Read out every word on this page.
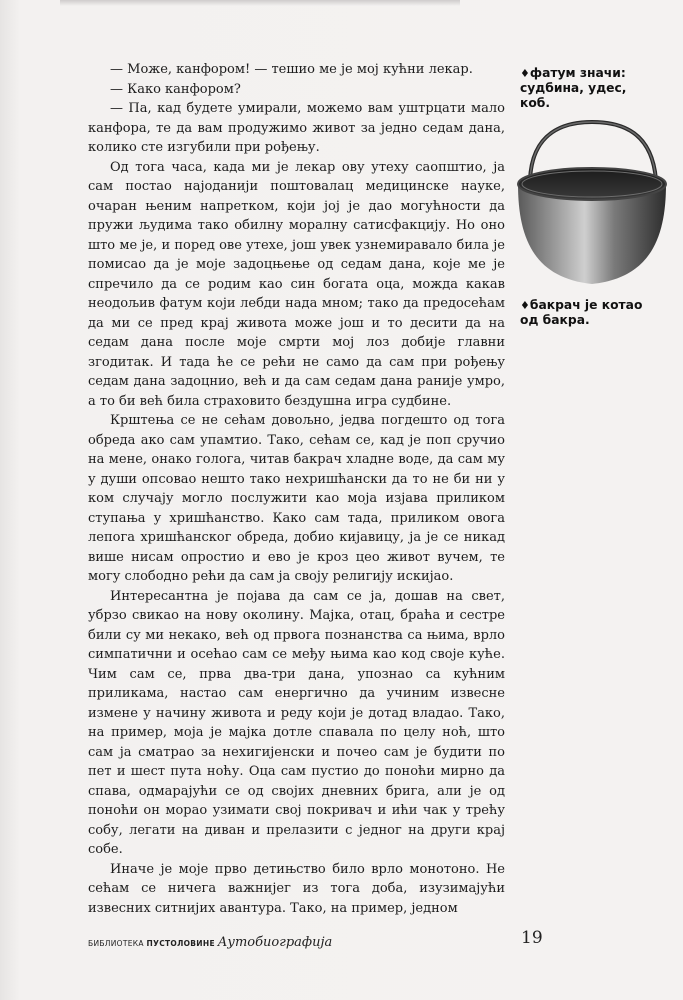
— Може, канфором! — тешио ме је мој кућни лекар.

— Како канфором?

— Па, кад будете умирали, можемо вам уштрцати мало канфора, те да вам продужимо живот за једно седам дана, колико сте изгубили при рођењу.

Од тога часа, када ми је лекар ову утеху саопштио, ја сам постао најоданији поштовалац медицинске науке, очаран њеним напретком, који јој је дао могућности да пружи људима тако обилну моралну сатисфакцију. Но оно што ме је, и поред ове утехе, још увек узнемиравало била је помисао да је моје задоцњење од седам дана, које ме је спречило да се родим као син богата оца, можда какав неодољив фатум који лебди нада мном; тако да предосећам да ми се пред крај живота може још и то десити да на седам дана после моје смрти мој лоз добије главни згодитак. И тада ће се рећи не само да сам при рођењу седам дана задоцнио, већ и да сам седам дана раније умро, а то би већ била страховито бездушна игра судбине.

Крштења се не сећам довољно, једва погдешто од тога обреда ако сам упамтио. Тако, сећам се, кад је поп сручио на мене, онако гологa, читав бакрач хладне воде, да сам му у души опсовао нешто тако нехришћански да то не би ни у ком случају могло послужити као моја изјава приликом ступања у хришћанство. Како сам тада, приликом овога лепога хришћанског обреда, добио кијавицу, ја је се никад више нисам опростио и ево је кроз цео живот вучем, те могу слободно рећи да сам ја своју религију искијао.

Интересантна је појава да сам се ја, дошав на свет, убрзо свикао на нову околину. Мајка, отац, браћа и сестре били су ми некако, већ од првога познанства са њима, врло симпатични и осећао сам се међу њима као код своје куће. Чим сам се, прва два-три дана, упознао са кућним приликама, настао сам енергично да учиним извесне измене у начину живота и реду који је дотад владао. Тако, на пример, моја је мајка дотле спавала по целу ноћ, што сам ја сматрао за нехигијенски и почео сам је будити по пет и шест пута ноћу. Оца сам пустио до поноћи мирно да спава, одмарајући се од својих дневних брига, али је од поноћи он морао узимати свој покривач и ићи чак у трећу собу, легати на диван и прелазити с једног на други крај собе.

Иначе је моје прво детињство било врло монотоно. Не сећам се ничега важнијег из тога доба, изузимајући извесних ситнијих авантура. Тако, на пример, једном

♦фатум значи: судбина, удес, коб.
♦бакрач је котао од бакра.
БИБЛИОТЕКА ПУСТОЛОВИНЕ Аутобиографија	19
